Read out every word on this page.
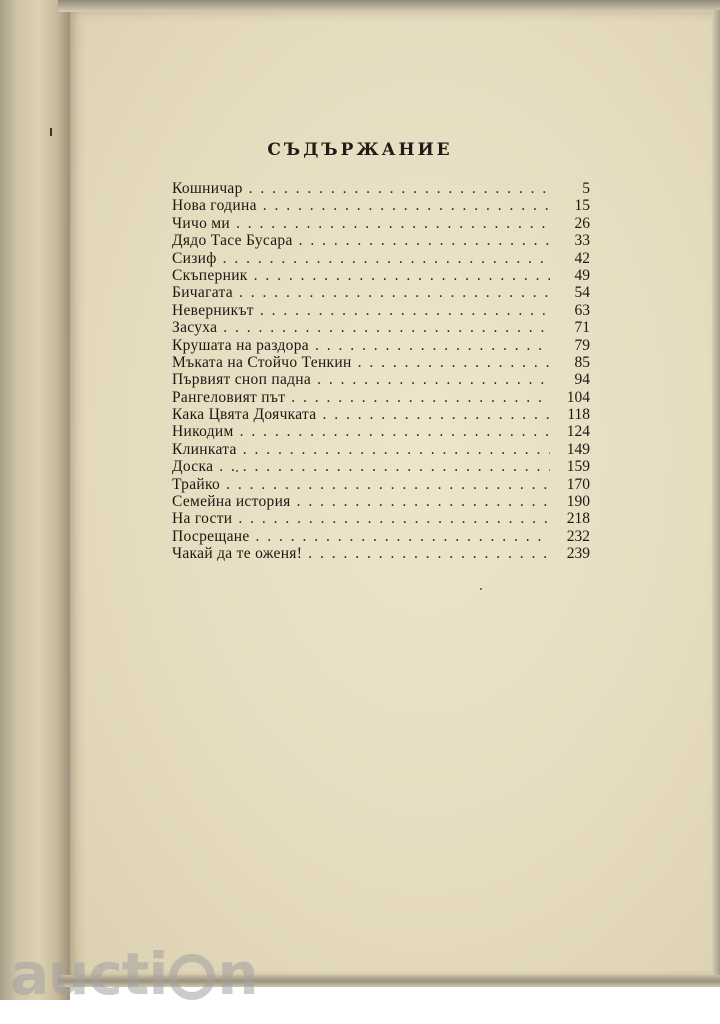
СЪДЪРЖАНИЕ
Кошничар . . .	5
Нова година . . .	15
Чичо ми . . .	26
Дядо Тасе Бусара . . .	33
Сизиф . . .	42
Скъперник . . .	49
Бичагата . . .	54
Неверникът . . .	63
Засуха . . .	71
Крушата на раздора . . .	79
Мъката на Стойчо Тенкин . . .	85
Първият сноп падна . . .	94
Рангеловият път . . .	104
Кака Цвята Доячката . . .	118
Никодим . . .	124
Клинката . . .	149
Доска . . .	159
Трайко . . .	170
Семейна история . . .	190
На гости . . .	218
Посрещане . . .	232
Чакай да те оженя! . . .	239
aucti n
